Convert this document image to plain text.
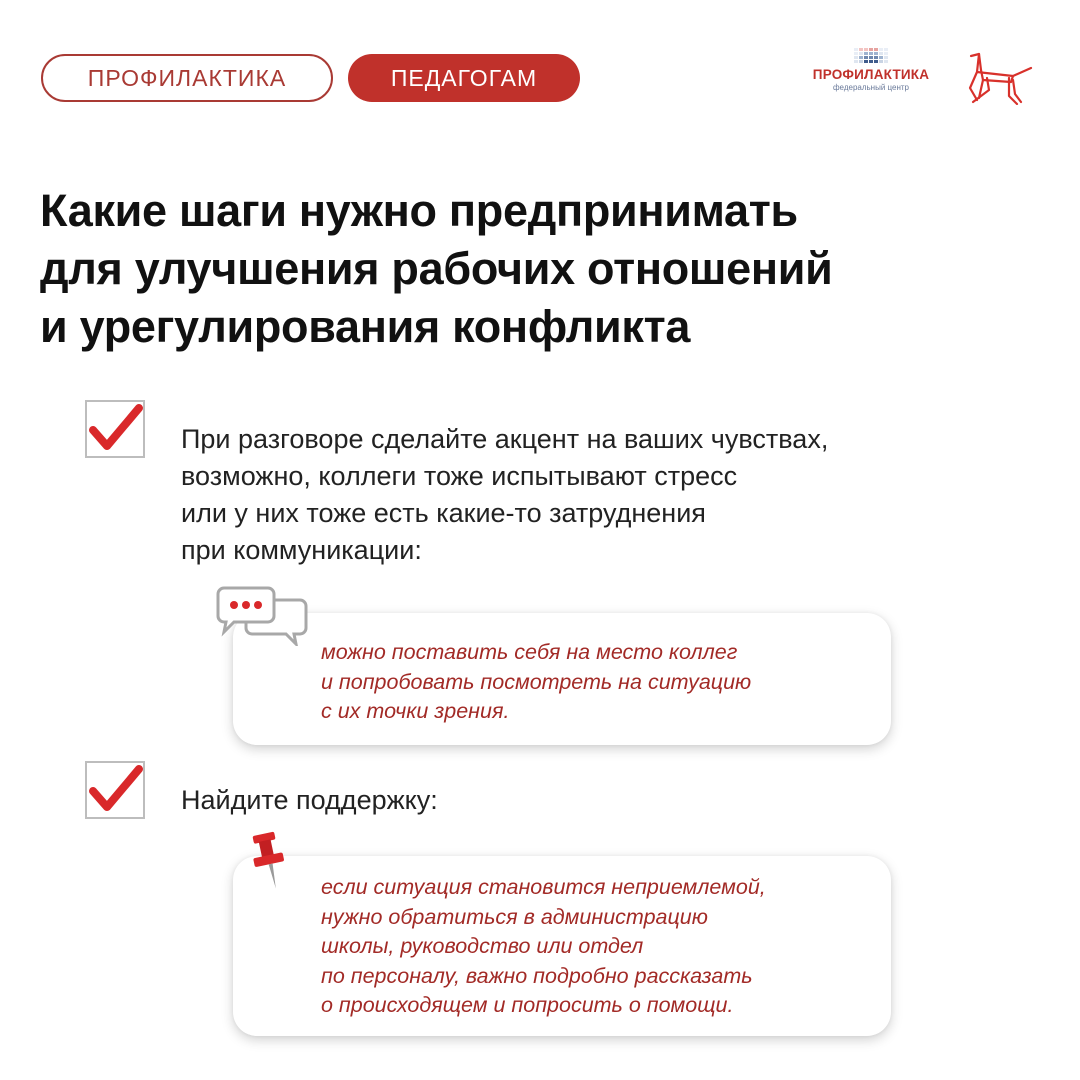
ПРОФИЛАКТИКА	ПЕДАГОГАМ	ПРОФИЛАКТИКА
федеральный центр
Какие шаги нужно предпринимать
для улучшения рабочих отношений
и урегулирования конфликта
При разговоре сделайте акцент на ваших чувствах,
возможно, коллеги тоже испытывают стресс
или у них тоже есть какие-то затруднения
при коммуникации:
можно поставить себя на место коллег
и попробовать посмотреть на ситуацию
с их точки зрения.
Найдите поддержку:
если ситуация становится неприемлемой,
нужно обратиться в администрацию
школы, руководство или отдел
по персоналу, важно подробно рассказать
о происходящем и попросить о помощи.
